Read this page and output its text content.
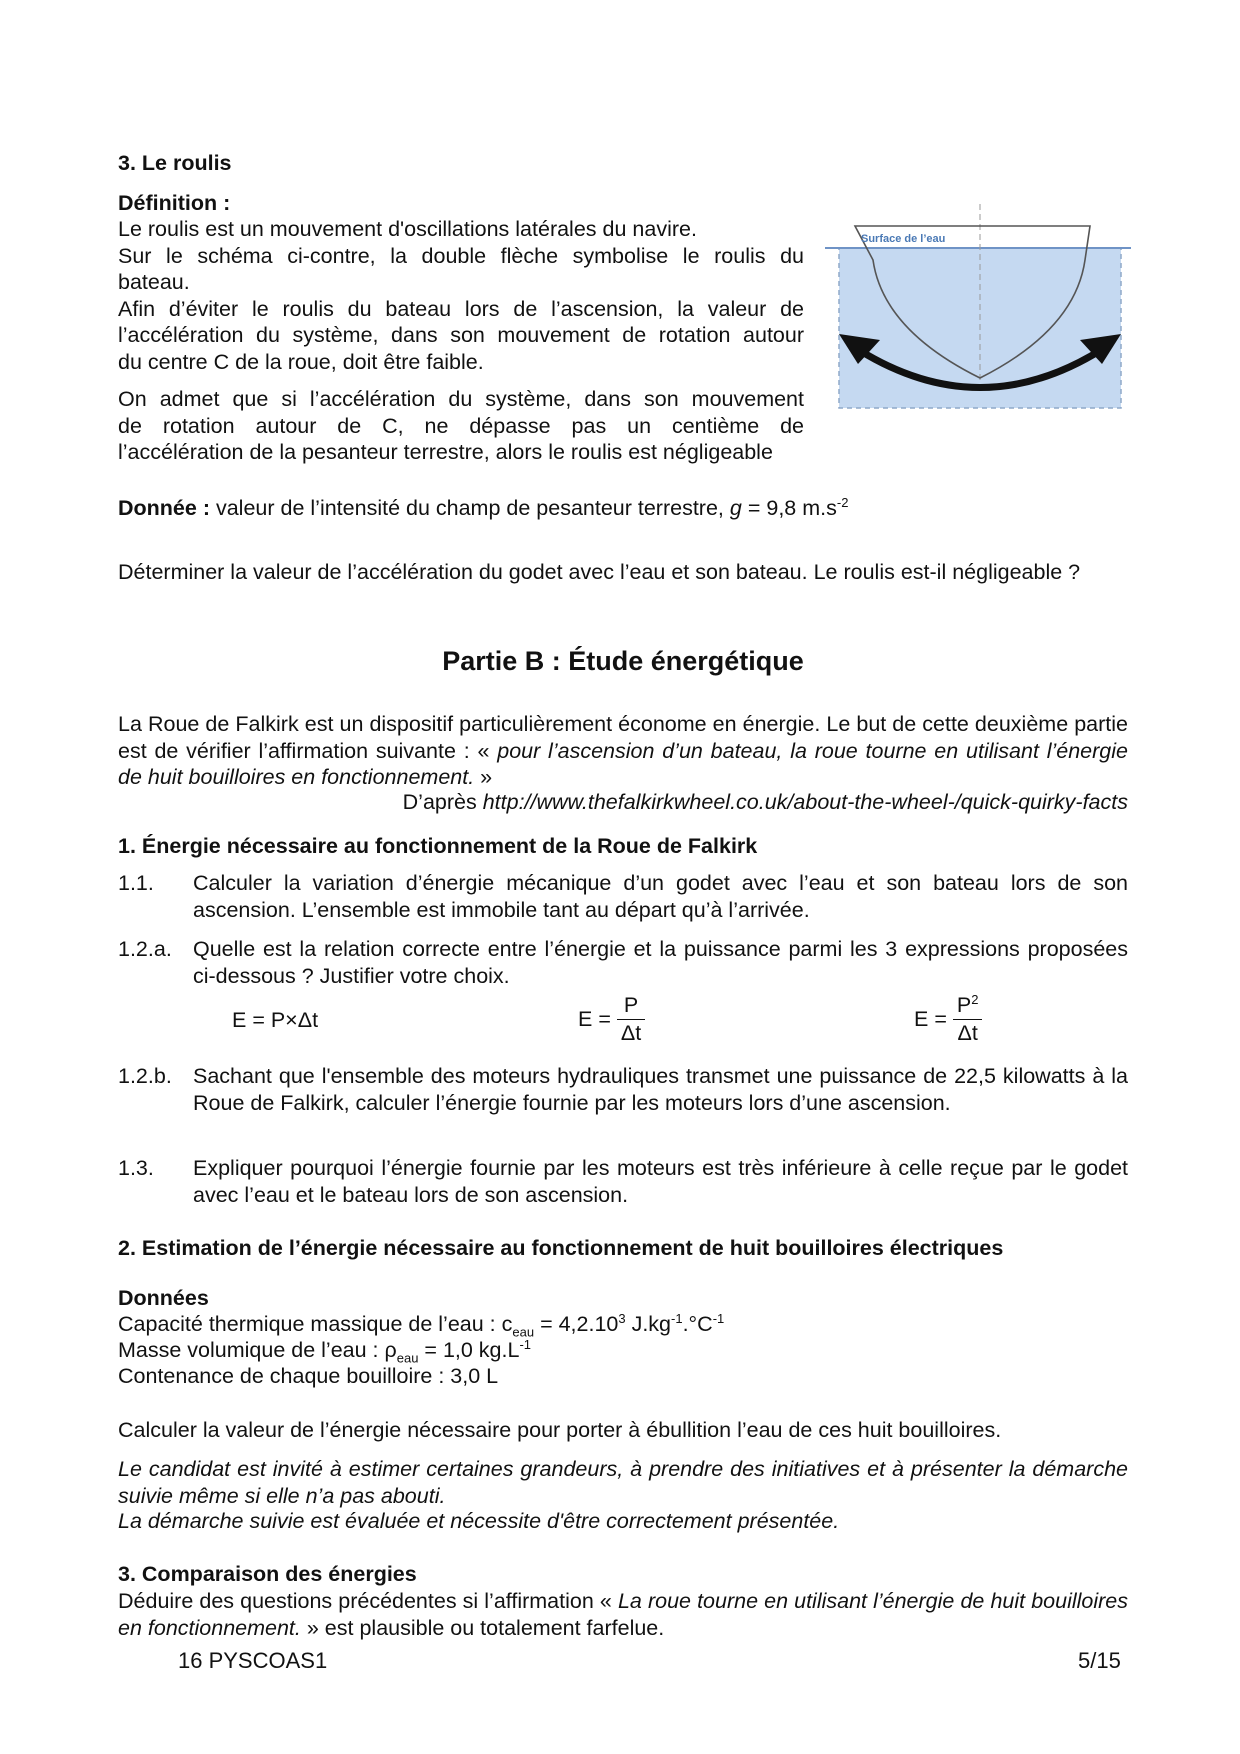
3. Le roulis
Définition :
Le roulis est un mouvement d'oscillations latérales du navire.
Sur le schéma ci-contre, la double flèche symbolise le roulis du
bateau.
Afin d’éviter le roulis du bateau lors de l’ascension, la valeur de
l’accélération du système, dans son mouvement de rotation autour
du centre C de la roue, doit être faible.
On admet que si l’accélération du système, dans son mouvement
de rotation autour de C, ne dépasse pas un centième de
l’accélération de la pesanteur terrestre, alors le roulis est négligeable
Surface de l’eau
Donnée : valeur de l’intensité du champ de pesanteur terrestre, g = 9,8 $m.s^{-2}$
Déterminer la valeur de l’accélération du godet avec l’eau et son bateau. Le roulis est-il négligeable ?
Partie B : Étude énergétique
La Roue de Falkirk est un dispositif particulièrement économe en énergie. Le but de cette deuxième partie est de vérifier l’affirmation suivante : « pour l’ascension d’un bateau, la roue tourne en utilisant l’énergie de huit bouilloires en fonctionnement. »
D’après http://www.thefalkirkwheel.co.uk/about-the-wheel-/quick-quirky-facts
1. Énergie nécessaire au fonctionnement de la Roue de Falkirk
1.1. Calculer la variation d’énergie mécanique d’un godet avec l’eau et son bateau lors de son ascension. L’ensemble est immobile tant au départ qu’à l’arrivée.
1.2.a. Quelle est la relation correcte entre l’énergie et la puissance parmi les 3 expressions proposées ci-dessous ? Justifier votre choix.
E = P×Δt	$E = \frac{P}{\Delta t}$	$E = \frac{P^2}{\Delta t}$
1.2.b. Sachant que l'ensemble des moteurs hydrauliques transmet une puissance de 22,5 kilowatts à la Roue de Falkirk, calculer l’énergie fournie par les moteurs lors d’une ascension.
1.3. Expliquer pourquoi l’énergie fournie par les moteurs est très inférieure à celle reçue par le godet avec l’eau et le bateau lors de son ascension.
2. Estimation de l’énergie nécessaire au fonctionnement de huit bouilloires électriques
Données
Capacité thermique massique de l’eau : $c_{eau} = 4,2.10^3$ $J.kg^{-1}.^\circ C^{-1}$
Masse volumique de l’eau : $\rho_{eau} = 1,0$ $kg.L^{-1}$
Contenance de chaque bouilloire : 3,0 L
Calculer la valeur de l’énergie nécessaire pour porter à ébullition l’eau de ces huit bouilloires.
Le candidat est invité à estimer certaines grandeurs, à prendre des initiatives et à présenter la démarche suivie même si elle n’a pas abouti.
La démarche suivie est évaluée et nécessite d'être correctement présentée.
3. Comparaison des énergies
Déduire des questions précédentes si l’affirmation « La roue tourne en utilisant l’énergie de huit bouilloires en fonctionnement. » est plausible ou totalement farfelue.
16 PYSCOAS1	5/15
